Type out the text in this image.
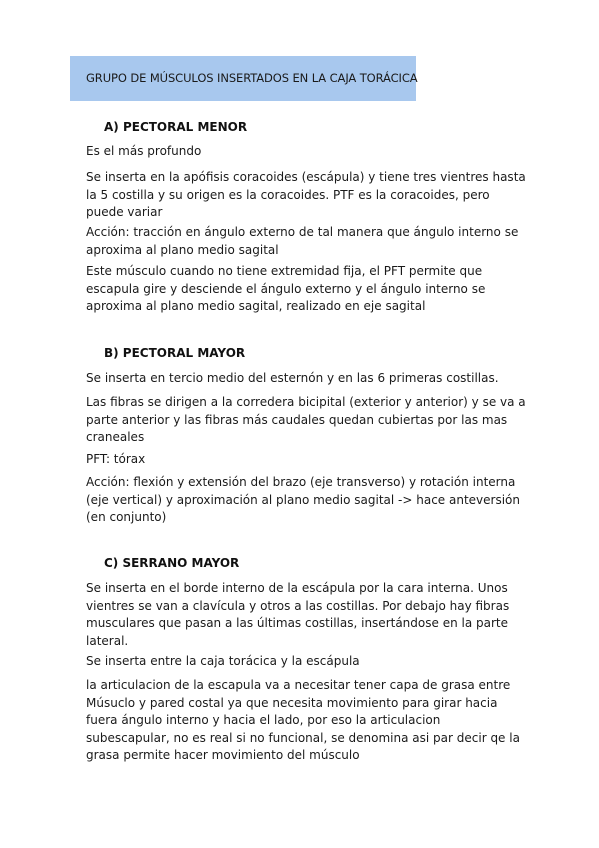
GRUPO DE MÚSCULOS INSERTADOS EN LA CAJA TORÁCICA
A) PECTORAL MENOR
Es el más profundo
Se inserta en la apófisis coracoides (escápula) y tiene tres vientres hasta la 5 costilla y su origen es la coracoides. PTF es la coracoides, pero puede variar
Acción: tracción en ángulo externo de tal manera que ángulo interno se aproxima al plano medio sagital
Este músculo cuando no tiene extremidad fija, el PFT permite que escapula gire y desciende el ángulo externo y el ángulo interno se aproxima al plano medio sagital, realizado en eje sagital
B) PECTORAL MAYOR
Se inserta en tercio medio del esternón y en las 6 primeras costillas.
Las fibras se dirigen a la corredera bicipital (exterior y anterior) y se va a parte anterior y las fibras más caudales quedan cubiertas por las mas craneales
PFT: tórax
Acción: flexión y extensión del brazo (eje transverso) y rotación interna (eje vertical) y aproximación al plano medio sagital -> hace anteversión (en conjunto)
C) SERRANO MAYOR
Se inserta en el borde interno de la escápula por la cara interna. Unos vientres se van a clavícula y otros a las costillas. Por debajo hay fibras musculares que pasan a las últimas costillas, insertándose en la parte lateral.
Se inserta entre la caja torácica y la escápula
la articulacion de la escapula va a necesitar tener capa de grasa entre Músuclo y pared costal ya que necesita movimiento para girar hacia fuera ángulo interno y hacia el lado, por eso la articulacion subescapular, no es real si no funcional, se denomina asi par decir qe la grasa permite hacer movimiento del músculo
